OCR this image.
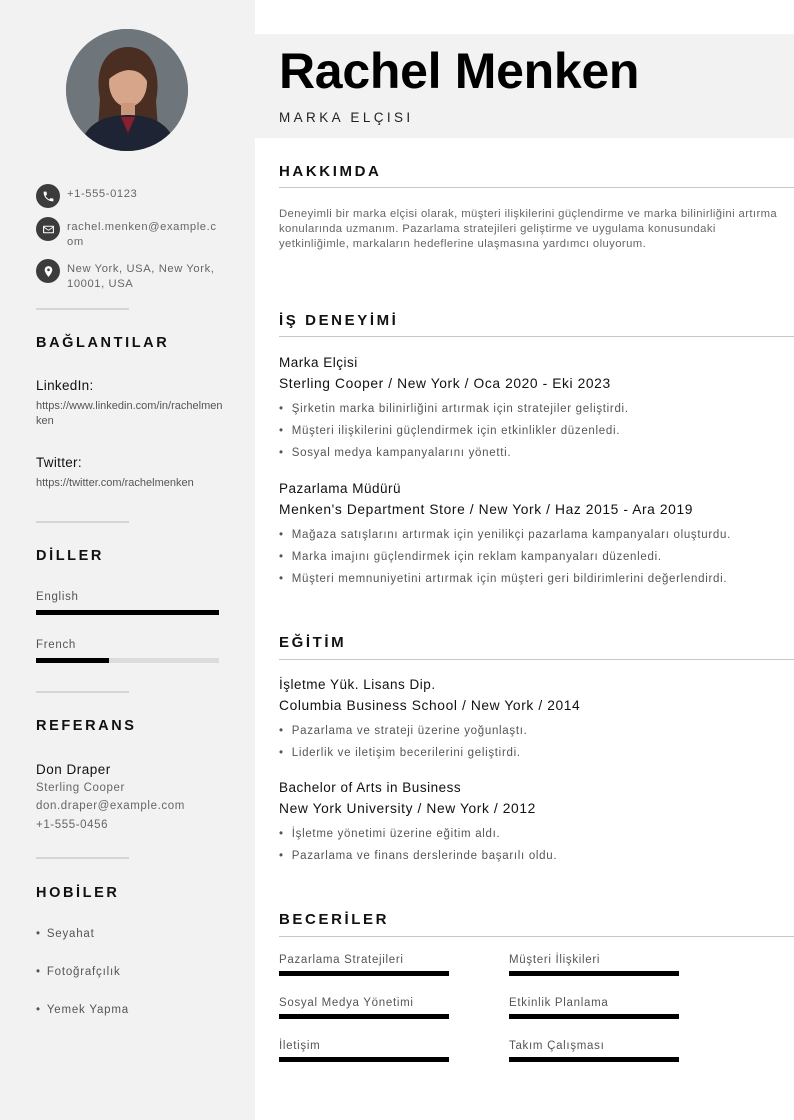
+1-555-0123
rachel.menken@example.com
New York, USA, New York, 10001, USA
BAĞLANTILAR
LinkedIn:
https://www.linkedin.com/in/rachelmenken
Twitter:
https://twitter.com/rachelmenken
DİLLER
English
French
REFERANS
Don Draper
Sterling Cooper
don.draper@example.com
+1-555-0456
HOBİLER
• Seyahat
• Fotoğrafçılık
• Yemek Yapma
Rachel Menken
MARKA ELÇISI
HAKKIMDA
Deneyimli bir marka elçisi olarak, müşteri ilişkilerini güçlendirme ve marka bilinirliğini artırma konularında uzmanım. Pazarlama stratejileri geliştirme ve uygulama konusundaki yetkinliğimle, markaların hedeflerine ulaşmasına yardımcı oluyorum.
İŞ DENEYİMİ
Marka Elçisi
Sterling Cooper / New York / Oca 2020 - Eki 2023
• Şirketin marka bilinirliğini artırmak için stratejiler geliştirdi.
• Müşteri ilişkilerini güçlendirmek için etkinlikler düzenledi.
• Sosyal medya kampanyalarını yönetti.
Pazarlama Müdürü
Menken's Department Store / New York / Haz 2015 - Ara 2019
• Mağaza satışlarını artırmak için yenilikçi pazarlama kampanyaları oluşturdu.
• Marka imajını güçlendirmek için reklam kampanyaları düzenledi.
• Müşteri memnuniyetini artırmak için müşteri geri bildirimlerini değerlendirdi.
EĞİTİM
İşletme Yük. Lisans Dip.
Columbia Business School / New York / 2014
• Pazarlama ve strateji üzerine yoğunlaştı.
• Liderlik ve iletişim becerilerini geliştirdi.
Bachelor of Arts in Business
New York University / New York / 2012
• İşletme yönetimi üzerine eğitim aldı.
• Pazarlama ve finans derslerinde başarılı oldu.
BECERİLER
Pazarlama Stratejileri	Müşteri İlişkileri
Sosyal Medya Yönetimi	Etkinlik Planlama
İletişim	Takım Çalışması
